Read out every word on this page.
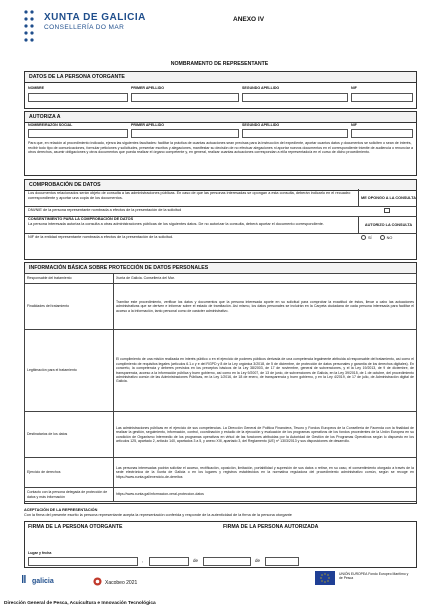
XUNTA DE GALICIA
CONSELLERÍA DO MAR
ANEXO IV
NOMBRAMENTO DE REPRESENTANTE
DATOS DE LA PERSONA OTORGANTE
NOMBRE	PRIMER APELLIDO	SEGUNDO APELLIDO	NIF
AUTORIZA A
NOMBRE/RAZÓN SOCIAL	PRIMER APELLIDO	SEGUNDO APELLIDO	NIF
Para que, en relación al procedimiento indicado, ejerza las siguientes facultades: facilitar la práctica de cuantas actuaciones sean precisas para la instrucción del expediente, aportar cuantos datos y documentos se soliciten o sean de interés, recibir todo tipo de comunicaciones, formular peticiones y solicitudes, presentar escritos y alegaciones, manifestar su decisión de no efectuar alegaciones ni aportar nuevos documentos en el correspondiente trámite de audiencia o renunciar a otros derechos, asumir obligaciones y otros documentos que pueda realizar el órgano competente y, en general, realizar cuantas actuaciones correspondan a el/la representado/a en el curso de dicho procedimiento.
COMPROBACIÓN DE DATOS
Los documentos relacionados serán objeto de consulta a las administraciones públicas. En caso de que las personas interesadas se opongan a esta consulta, deberán indicarlo en el recuadro correspondiente y aportar una copia de los documentos.	ME OPONGO A LA CONSULTA
DNI/NIE de la persona representante nombrada a efectos de la presentación de la solicitud
CONSENTIMIENTO PARA LA COMPROBACIÓN DE DATOS
La persona interesada autoriza la consulta a otras administraciones públicas de los siguientes datos. De no autorizar la consulta, deberá aportar el documento correspondiente.	AUTORIZO LA CONSULTA
NIF de la entidad representante nombrada a efectos de la presentación de la solicitud.	SÍ	NO
INFORMACIÓN BÁSICA SOBRE PROTECCIÓN DE DATOS PERSONALES
Responsable del tratamiento	Xunta de Galicia. Consellería del Mar.
Finalidades del tratamiento	Tramitar este procedimiento, verificar los datos y documentos que la persona interesada aporte en su solicitud para comprobar la exactitud de éstos, llevar a cabo las actuaciones administrativas que se deriven e informar sobre el estado de tramitación. Así mismo, los datos personales se incluirán en la Carpeta ciudadana de cada persona interesada para facilitar el acceso a la información, tanto personal como de carácter administrativo.
Legitimación para el tratamiento	El cumplimiento de una misión realizada en interés público o en el ejercicio de poderes públicos derivada de una competencia legalmente atribuida al responsable del tratamiento, así como el cumplimiento de requisitos legales (artículos 6.1.c y e del RGPD y 8 de la Ley orgánica 3/2018, de 5 de diciembre, de protección de datos personales y garantía de los derechos digitales). En concreto, la competencia y deberes previstos en los preceptos básicos de la Ley 38/2003, de 17 de noviembre, general de subvenciones, y el la Ley 19/2013, de 9 de diciembre, de transparencia, acceso a la información pública y buen gobierno, así como en la Ley 9/2007, de 13 de junio, de subvenciones de Galicia, en la Ley 39/2015, de 1 de octubre, del procedimiento administrativo común de las Administraciones Públicas, en la Ley 1/2016, de 18 de enero, de transparencia y buen gobierno, y en la Ley 4/2019, de 17 de julio, de Administración digital de Galicia.
Destinatarios de los datos	Las administraciones públicas en el ejercicio de sus competencias. La Dirección General de Política Financiera, Tesoro y Fondos Europeos de la Consellería de Facenda con la finalidad de realizar la gestión, seguimiento, información, control, coordinación y estudio de la ejecución y evaluación de los programas operativos de los fondos procedentes de la Unión Europea en su condición de Organismo Intermedio de los programas operativos en virtud de las funciones atribuidas por la Autoridad de Gestión de los Programas Operativos según lo dispuesto en los artículos 125, apartado 2, artículo 140, apartados 3 a 5, y anexo XIII, apartado 3, del Reglamento (UE) nº 1303/2013 y sus disposiciones de desarrollo.
Ejercicio de derechos	Las personas interesadas podrán solicitar el acceso, rectificación, oposición, limitación, portabilidad y supresión de sus datos o retirar, en su caso, el consentimiento otorgado a través de la sede electrónica de la Xunta de Galicia o en los lugares y registros establecidos en la normativa reguladora del procedimiento administrativo común, según se recoge en https://www.xunta.gal/exercicio-de-dereitos
Contacto con la persona delegada de protección de datos y más información	https://www.xunta.gal/informacion-xeral-proteccion-datos
ACEPTACIÓN DE LA REPRESENTACIÓN
Con la firma del presente escrito la persona representante acepta la representación conferida y responde de la autenticidad de la firma de la persona otorgante
FIRMA DE LA PERSONA OTORGANTE	FIRMA DE LA PERSONA AUTORIZADA
Lugar y fecha
,	de	de
galicia	Xacobeo 2021
UNIÓN EUROPEA Fondo Europeo Marítimo y de Pesca
Dirección General de Pesca, Acuicultura e Innovación Tecnológica
